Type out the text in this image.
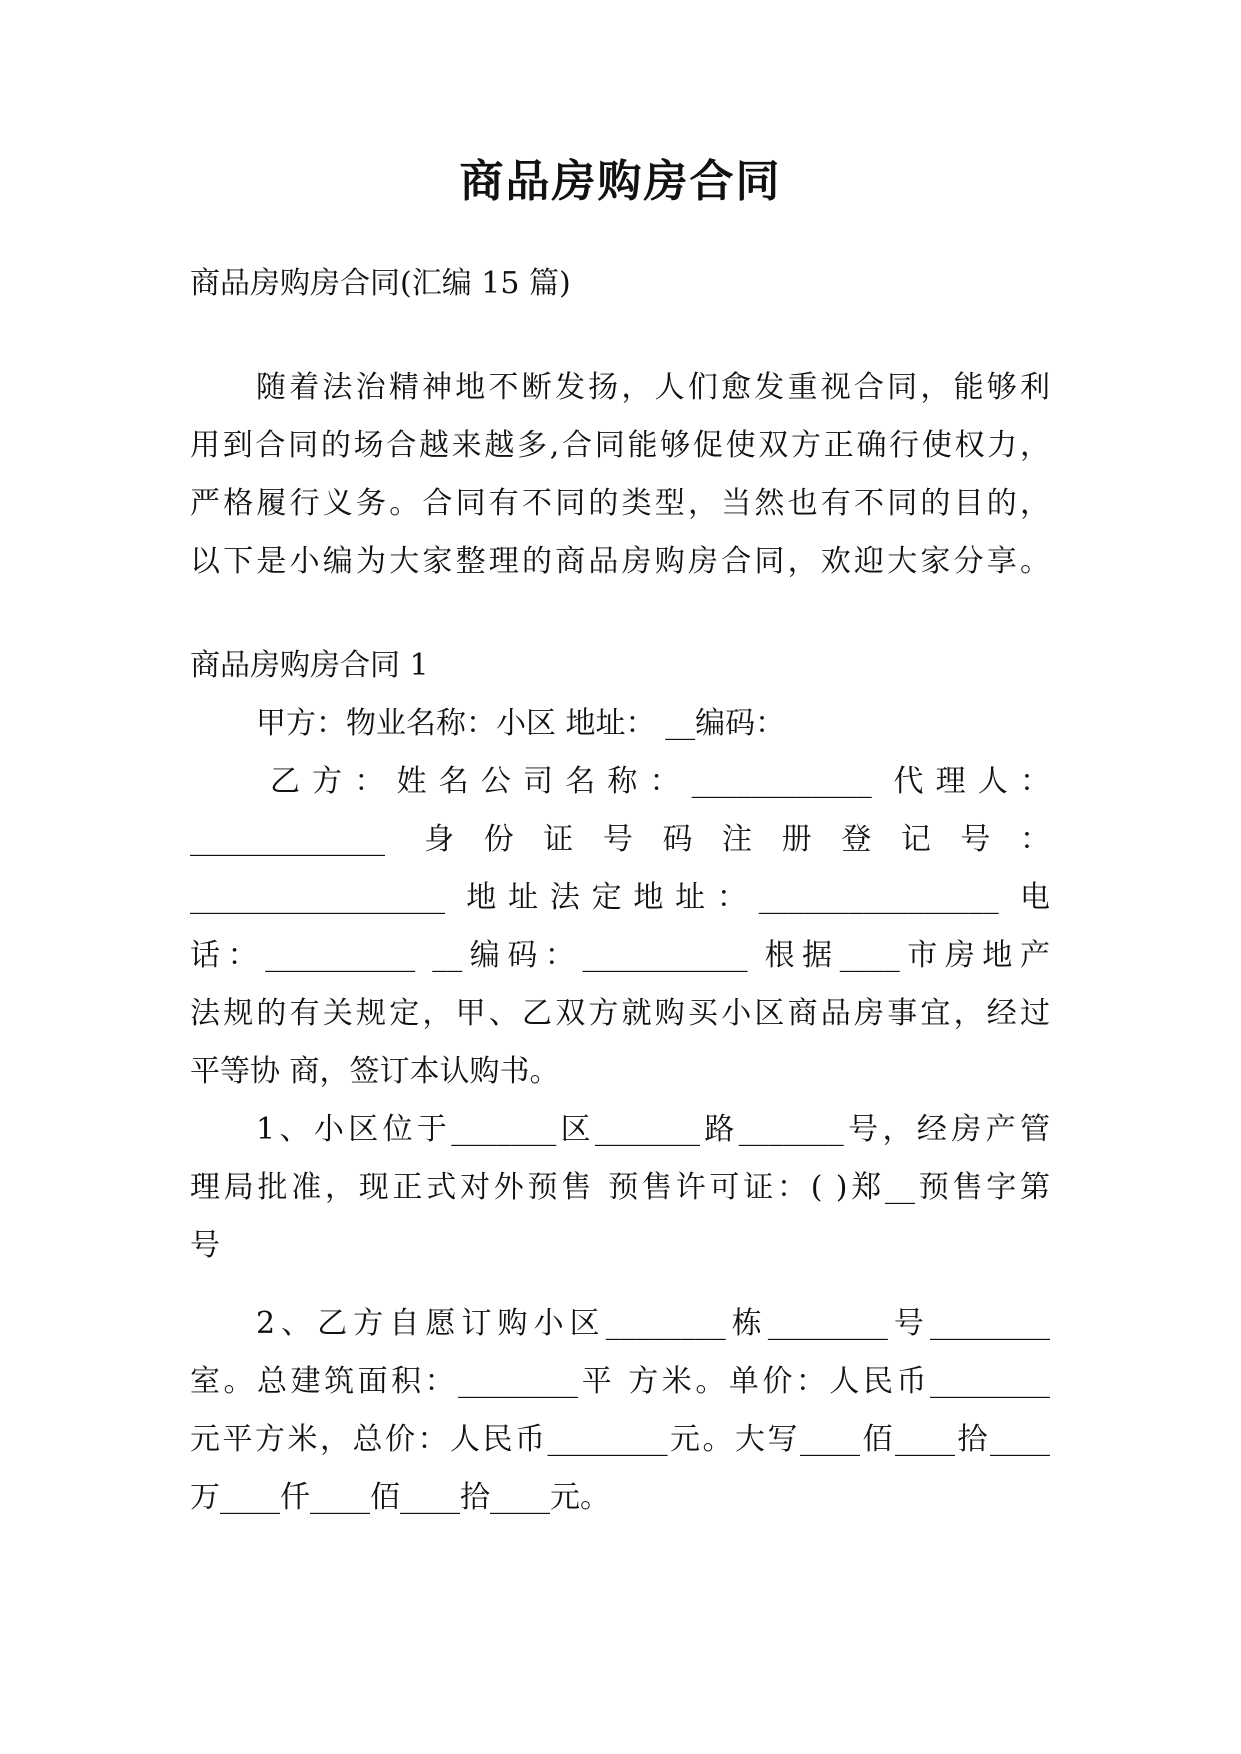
商品房购房合同
商品房购房合同(汇编 15 篇)
随着法治精神地不断发扬，人们愈发重视合同，能够利
用到合同的场合越来越多,合同能够促使双方正确行使权力，
严格履行义务。合同有不同的类型，当然也有不同的目的，
以下是小编为大家整理的商品房购房合同，欢迎大家分享。
商品房购房合同 1
甲方：物业名称：小区 地址： __编码：
乙方：姓名公司名称：____________ 代理人：
_____________ 身份证号码注册登记号：
_________________ 地址法定地址：________________ 电
话：__________ __编码：___________ 根据____市房地产
法规的有关规定，甲、乙双方就购买小区商品房事宜，经过
平等协 商，签订本认购书。
1、小区位于_______区_______路_______号，经房产管
理局批准，现正式对外预售 预售许可证：( )郑__预售字第
号
2、乙方自愿订购小区________栋________号________
室。总建筑面积：________平 方米。单价：人民币________
元平方米，总价：人民币________元。大写____佰____拾____
万____仟____佰____拾____元。
